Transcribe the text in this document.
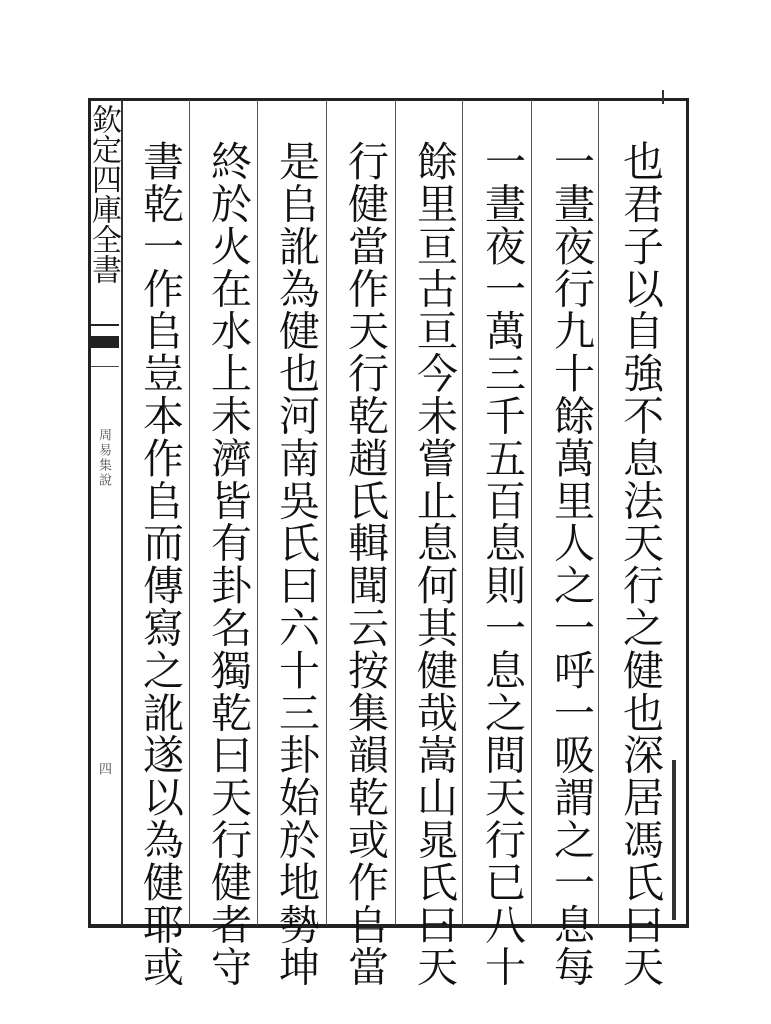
欽定四庫全書
周易集說
四	也君子以自強不息法天行之健也深居馮氏曰天
一晝夜行九十餘萬里人之一呼一吸謂之一息每
一晝夜一萬三千五百息則一息之間天行已八十
餘里亘古亘今未嘗止息何其健哉嵩山晁氏曰天
行健當作天行乾趙氏輯聞云按集韻乾或作𠂤當
是𠂤訛為健也河南吳氏曰六十三卦始於地勢坤
終於火在水上未濟皆有卦名獨乾曰天行健者守
書乾一作𠂤豈本作𠂤而傳寫之訛遂以為健耶或
